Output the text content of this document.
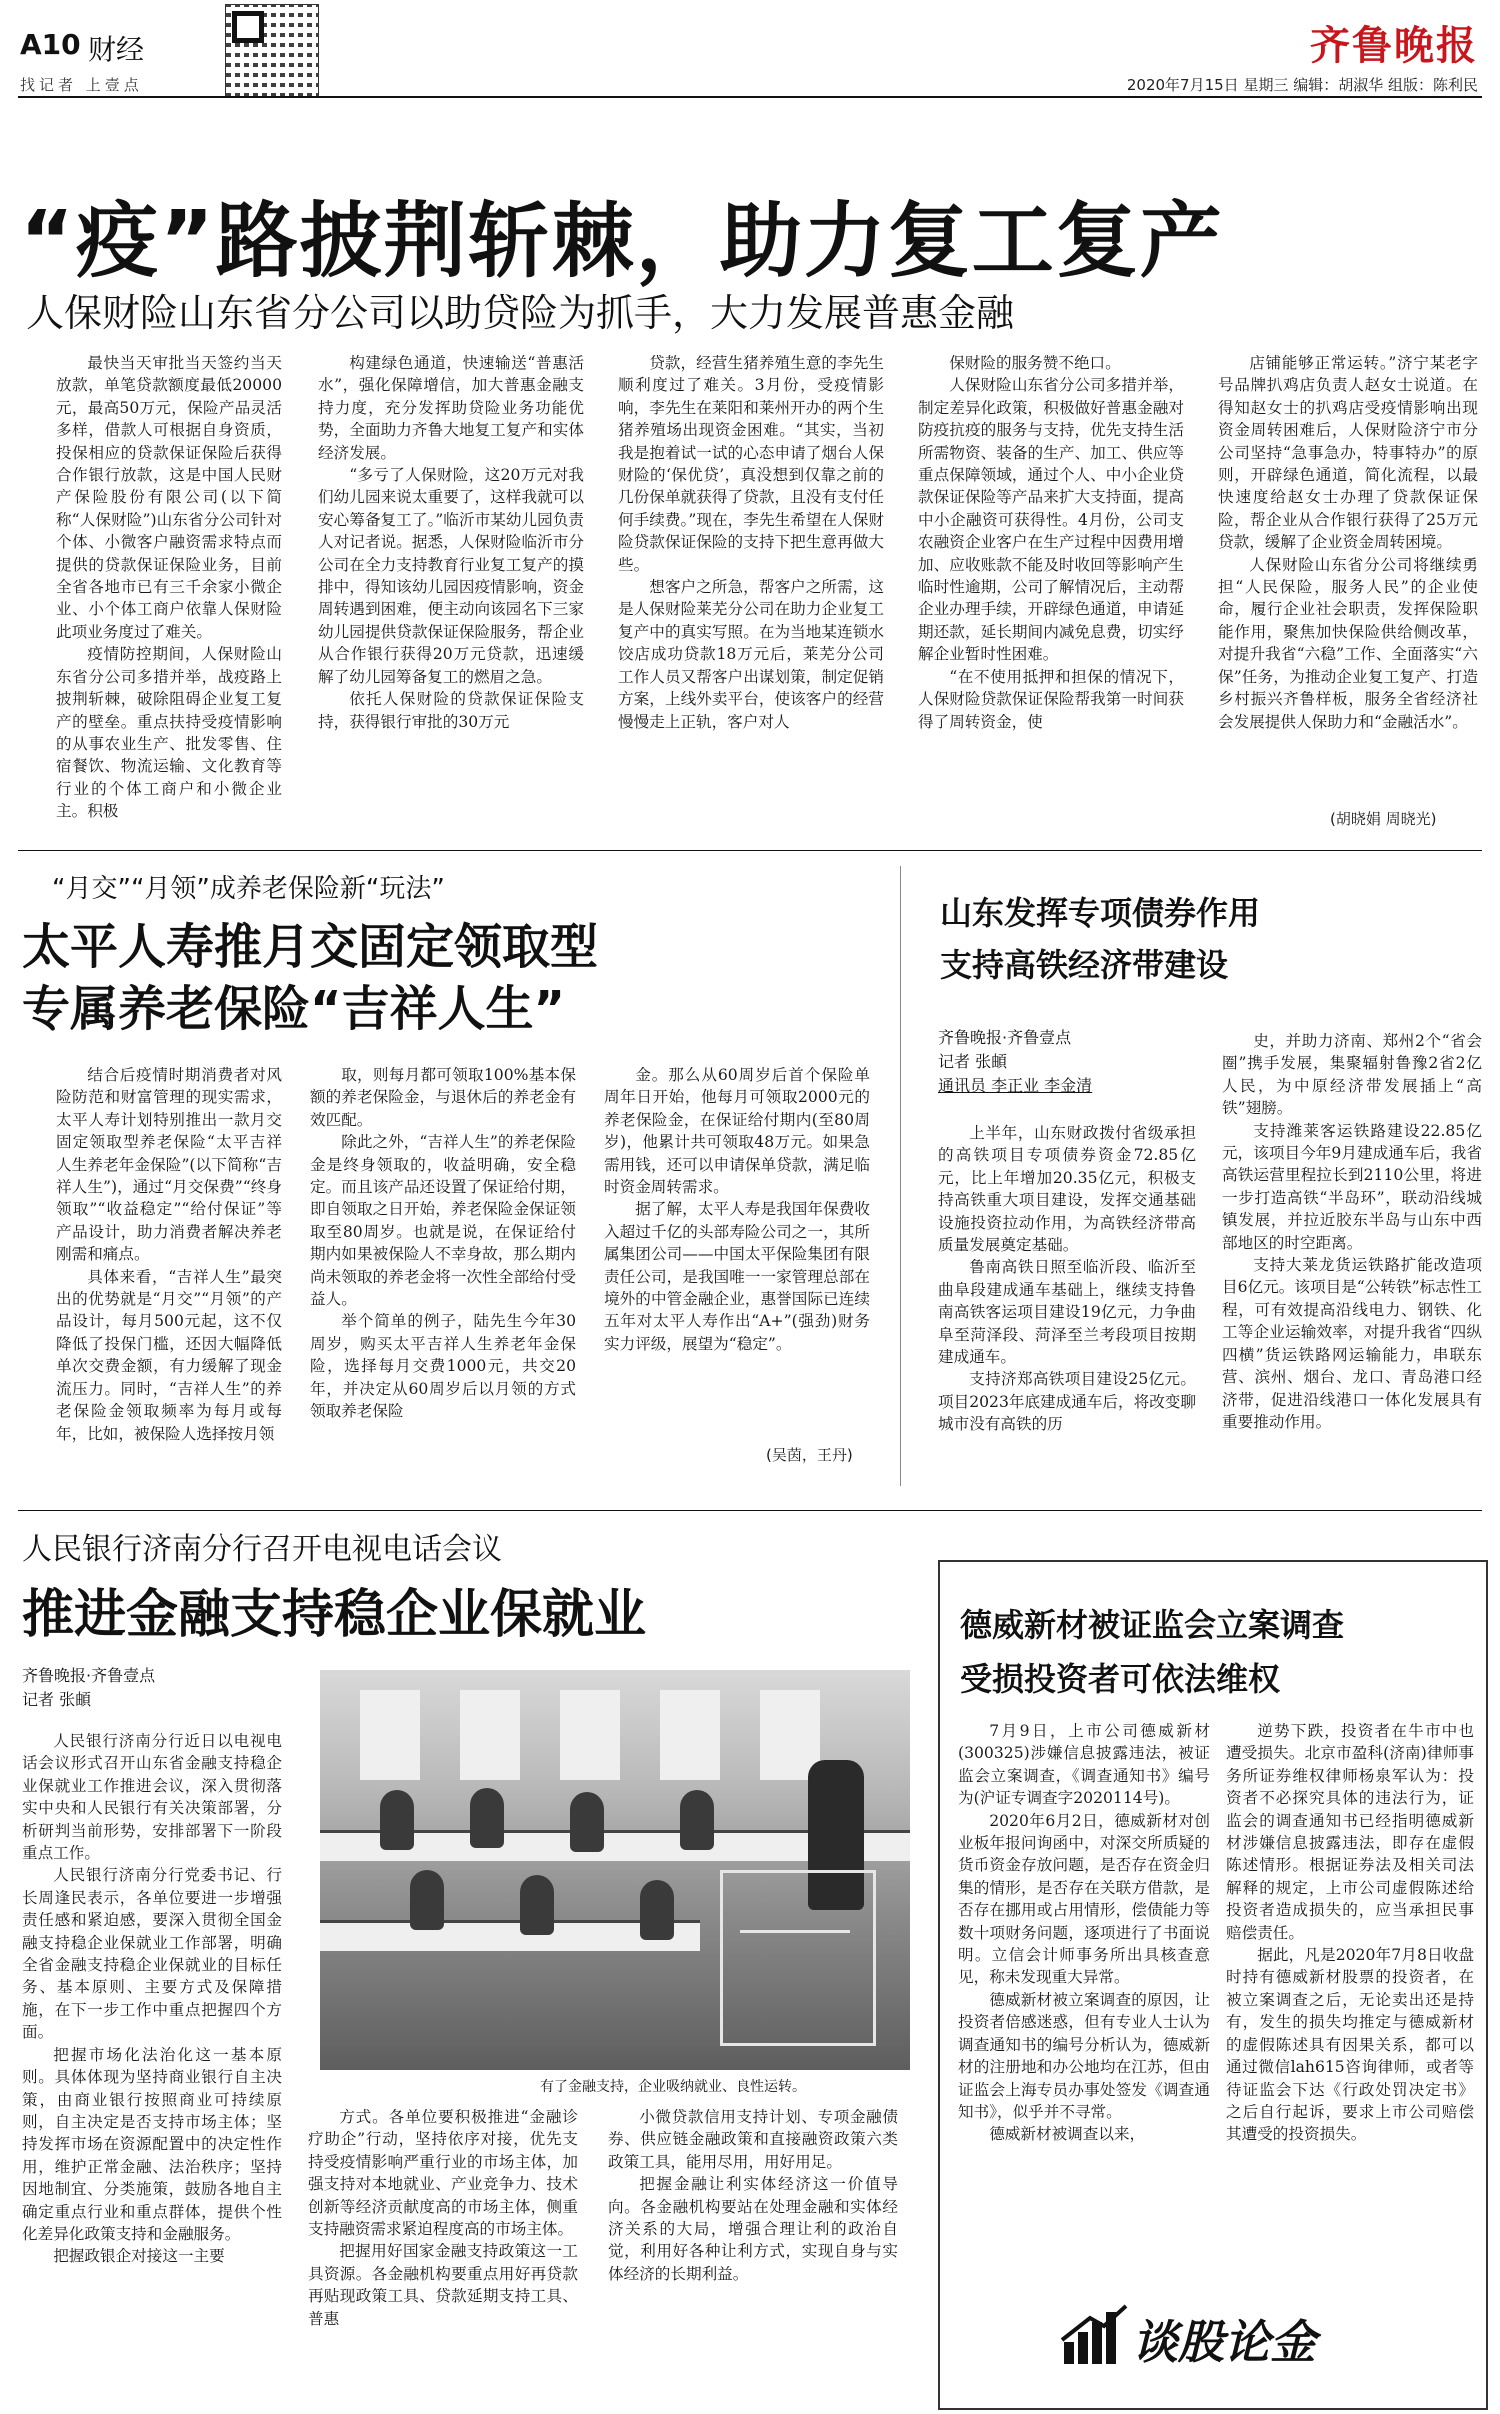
A10 财经
找记者 上壹点
齐鲁晚报
2020年7月15日 星期三 编辑：胡淑华 组版：陈利民
“疫”路披荆斩棘，助力复工复产
人保财险山东省分公司以助贷险为抓手，大力发展普惠金融

最快当天审批当天签约当天放款，单笔贷款额度最低20000元，最高50万元，保险产品灵活多样，借款人可根据自身资质，投保相应的贷款保证保险后获得合作银行放款，这是中国人民财产保险股份有限公司(以下简称“人保财险”)山东省分公司针对个体、小微客户融资需求特点而提供的贷款保证保险业务，目前全省各地市已有三千余家小微企业、小个体工商户依靠人保财险此项业务度过了难关。

疫情防控期间，人保财险山东省分公司多措并举，战疫路上披荆斩棘，破除阻碍企业复工复产的壁垒。重点扶持受疫情影响的从事农业生产、批发零售、住宿餐饮、物流运输、文化教育等行业的个体工商户和小微企业主。积极

构建绿色通道，快速输送“普惠活水”，强化保障增信，加大普惠金融支持力度，充分发挥助贷险业务功能优势，全面助力齐鲁大地复工复产和实体经济发展。

“多亏了人保财险，这20万元对我们幼儿园来说太重要了，这样我就可以安心筹备复工了。”临沂市某幼儿园负责人对记者说。据悉，人保财险临沂市分公司在全力支持教育行业复工复产的摸排中，得知该幼儿园因疫情影响，资金周转遇到困难，便主动向该园名下三家幼儿园提供贷款保证保险服务，帮企业从合作银行获得20万元贷款，迅速缓解了幼儿园筹备复工的燃眉之急。

依托人保财险的贷款保证保险支持，获得银行审批的30万元

贷款，经营生猪养殖生意的李先生顺利度过了难关。3月份，受疫情影响，李先生在莱阳和莱州开办的两个生猪养殖场出现资金困难。“其实，当初我是抱着试一试的心态申请了烟台人保财险的‘保优贷’，真没想到仅靠之前的几份保单就获得了贷款，且没有支付任何手续费。”现在，李先生希望在人保财险贷款保证保险的支持下把生意再做大些。

想客户之所急，帮客户之所需，这是人保财险莱芜分公司在助力企业复工复产中的真实写照。在为当地某连锁水饺店成功贷款18万元后，莱芜分公司工作人员又帮客户出谋划策，制定促销方案，上线外卖平台，使该客户的经营慢慢走上正轨，客户对人

保财险的服务赞不绝口。

人保财险山东省分公司多措并举，制定差异化政策，积极做好普惠金融对防疫抗疫的服务与支持，优先支持生活所需物资、装备的生产、加工、供应等重点保障领域，通过个人、中小企业贷款保证保险等产品来扩大支持面，提高中小企融资可获得性。4月份，公司支农融资企业客户在生产过程中因费用增加、应收账款不能及时收回等影响产生临时性逾期，公司了解情况后，主动帮企业办理手续，开辟绿色通道，申请延期还款，延长期间内减免息费，切实纾解企业暂时性困难。

“在不使用抵押和担保的情况下，人保财险贷款保证保险帮我第一时间获得了周转资金，使

店铺能够正常运转。”济宁某老字号品牌扒鸡店负责人赵女士说道。在得知赵女士的扒鸡店受疫情影响出现资金周转困难后，人保财险济宁市分公司坚持“急事急办，特事特办”的原则，开辟绿色通道，简化流程，以最快速度给赵女士办理了贷款保证保险，帮企业从合作银行获得了25万元贷款，缓解了企业资金周转困境。

人保财险山东省分公司将继续勇担“人民保险，服务人民”的企业使命，履行企业社会职责，发挥保险职能作用，聚焦加快保险供给侧改革，对提升我省“六稳”工作、全面落实“六保”任务，为推动企业复工复产、打造乡村振兴齐鲁样板，服务全省经济社会发展提供人保助力和“金融活水”。

(胡晓娟 周晓光)
“月交”“月领”成养老保险新“玩法”
太平人寿推月交固定领取型
专属养老保险“吉祥人生”

结合后疫情时期消费者对风险防范和财富管理的现实需求，太平人寿计划特别推出一款月交固定领取型养老保险“太平吉祥人生养老年金保险”(以下简称“吉祥人生”)，通过“月交保费”“终身领取”“收益稳定”“给付保证”等产品设计，助力消费者解决养老刚需和痛点。

具体来看，“吉祥人生”最突出的优势就是“月交”“月领”的产品设计，每月500元起，这不仅降低了投保门槛，还因大幅降低单次交费金额，有力缓解了现金流压力。同时，“吉祥人生”的养老保险金领取频率为每月或每年，比如，被保险人选择按月领

取，则每月都可领取100%基本保额的养老保险金，与退休后的养老金有效匹配。

除此之外，“吉祥人生”的养老保险金是终身领取的，收益明确，安全稳定。而且该产品还设置了保证给付期，即自领取之日开始，养老保险金保证领取至80周岁。也就是说，在保证给付期内如果被保险人不幸身故，那么期内尚未领取的养老金将一次性全部给付受益人。

举个简单的例子，陆先生今年30周岁，购买太平吉祥人生养老年金保险，选择每月交费1000元，共交20年，并决定从60周岁后以月领的方式领取养老保险

金。那么从60周岁后首个保险单周年日开始，他每月可领取2000元的养老保险金，在保证给付期内(至80周岁)，他累计共可领取48万元。如果急需用钱，还可以申请保单贷款，满足临时资金周转需求。

据了解，太平人寿是我国年保费收入超过千亿的头部寿险公司之一，其所属集团公司——中国太平保险集团有限责任公司，是我国唯一一家管理总部在境外的中管金融企业，惠誉国际已连续五年对太平人寿作出“A+”(强劲)财务实力评级，展望为“稳定”。

(吴茵，王丹)
山东发挥专项债券作用
支持高铁经济带建设
齐鲁晚报·齐鲁壹点
记者 张頔
通讯员 李正业 李金清

上半年，山东财政拨付省级承担的高铁项目专项债券资金72.85亿元，比上年增加20.35亿元，积极支持高铁重大项目建设，发挥交通基础设施投资拉动作用，为高铁经济带高质量发展奠定基础。

鲁南高铁日照至临沂段、临沂至曲阜段建成通车基础上，继续支持鲁南高铁客运项目建设19亿元，力争曲阜至菏泽段、菏泽至兰考段项目按期建成通车。

支持济郑高铁项目建设25亿元。项目2023年底建成通车后，将改变聊城市没有高铁的历

史，并助力济南、郑州2个“省会圈”携手发展，集聚辐射鲁豫2省2亿人民，为中原经济带发展插上“高铁”翅膀。

支持潍莱客运铁路建设22.85亿元，该项目今年9月建成通车后，我省高铁运营里程拉长到2110公里，将进一步打造高铁“半岛环”，联动沿线城镇发展，并拉近胶东半岛与山东中西部地区的时空距离。

支持大莱龙货运铁路扩能改造项目6亿元。该项目是“公转铁”标志性工程，可有效提高沿线电力、钢铁、化工等企业运输效率，对提升我省“四纵四横”货运铁路网运输能力，串联东营、滨州、烟台、龙口、青岛港口经济带，促进沿线港口一体化发展具有重要推动作用。

人民银行济南分行召开电视电话会议
推进金融支持稳企业保就业
齐鲁晚报·齐鲁壹点
记者 张頔

人民银行济南分行近日以电视电话会议形式召开山东省金融支持稳企业保就业工作推进会议，深入贯彻落实中央和人民银行有关决策部署，分析研判当前形势，安排部署下一阶段重点工作。

人民银行济南分行党委书记、行长周逢民表示，各单位要进一步增强责任感和紧迫感，要深入贯彻全国金融支持稳企业保就业工作部署，明确全省金融支持稳企业保就业的目标任务、基本原则、主要方式及保障措施，在下一步工作中重点把握四个方面。

把握市场化法治化这一基本原则。具体体现为坚持商业银行自主决策，由商业银行按照商业可持续原则，自主决定是否支持市场主体；坚持发挥市场在资源配置中的决定性作用，维护正常金融、法治秩序；坚持因地制宜、分类施策，鼓励各地自主确定重点行业和重点群体，提供个性化差异化政策支持和金融服务。

把握政银企对接这一主要

有了金融支持，企业吸纳就业、良性运转。

方式。各单位要积极推进“金融诊疗助企”行动，坚持依序对接，优先支持受疫情影响严重行业的市场主体，加强支持对本地就业、产业竞争力、技术创新等经济贡献度高的市场主体，侧重支持融资需求紧迫程度高的市场主体。

把握用好国家金融支持政策这一工具资源。各金融机构要重点用好再贷款再贴现政策工具、贷款延期支持工具、普惠

小微贷款信用支持计划、专项金融债券、供应链金融政策和直接融资政策六类政策工具，能用尽用，用好用足。

把握金融让利实体经济这一价值导向。各金融机构要站在处理金融和实体经济关系的大局，增强合理让利的政治自觉，利用好各种让利方式，实现自身与实体经济的长期利益。

德威新材被证监会立案调查
受损投资者可依法维权

7月9日，上市公司德威新材(300325)涉嫌信息披露违法，被证监会立案调查，《调查通知书》编号为(沪证专调查字2020114号)。

2020年6月2日，德威新材对创业板年报问询函中，对深交所质疑的货币资金存放问题，是否存在资金归集的情形，是否存在关联方借款，是否存在挪用或占用情形，偿债能力等数十项财务问题，逐项进行了书面说明。立信会计师事务所出具核查意见，称未发现重大异常。

德威新材被立案调查的原因，让投资者倍感迷惑，但有专业人士认为调查通知书的编号分析认为，德威新材的注册地和办公地均在江苏，但由证监会上海专员办事处签发《调查通知书》，似乎并不寻常。

德威新材被调查以来，

逆势下跌，投资者在牛市中也遭受损失。北京市盈科(济南)律师事务所证券维权律师杨泉军认为：投资者不必探究具体的违法行为，证监会的调查通知书已经指明德威新材涉嫌信息披露违法，即存在虚假陈述情形。根据证券法及相关司法解释的规定，上市公司虚假陈述给投资者造成损失的，应当承担民事赔偿责任。

据此，凡是2020年7月8日收盘时持有德威新材股票的投资者，在被立案调查之后，无论卖出还是持有，发生的损失均推定与德威新材的虚假陈述具有因果关系，都可以通过微信lah615咨询律师，或者等待证监会下达《行政处罚决定书》之后自行起诉，要求上市公司赔偿其遭受的投资损失。

谈股论金
